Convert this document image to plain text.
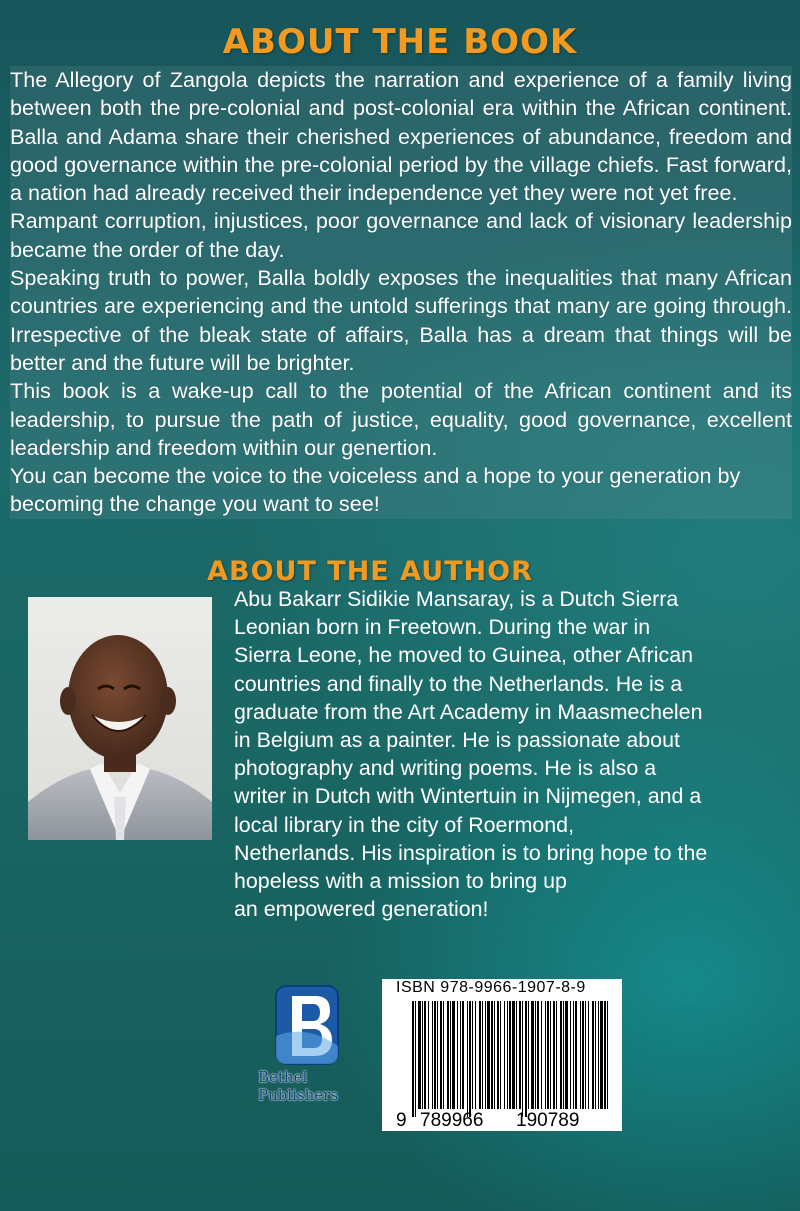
ABOUT THE BOOK

The Allegory of Zangola depicts the narration and experience of a family living between both the pre-colonial and post-colonial era within the African continent. Balla and Adama share their cherished experiences of abundance, freedom and good governance within the pre-colonial period by the village chiefs. Fast forward, a nation had already received their independence yet they were not yet free.

Rampant corruption, injustices, poor governance and lack of visionary leadership became the order of the day.

Speaking truth to power, Balla boldly exposes the inequalities that many African countries are experiencing and the untold sufferings that many are going through. Irrespective of the bleak state of affairs, Balla has a dream that things will be better and the future will be brighter.

This book is a wake-up call to the potential of the African continent and its leadership, to pursue the path of justice, equality, good governance, excellent leadership and freedom within our genertion.

You can become the voice to the voiceless and a hope to your generation by becoming the change you want to see!

ABOUT THE AUTHOR
Abu Bakarr Sidikie Mansaray, is a Dutch Sierra
Leonian born in Freetown. During the war in
Sierra Leone, he moved to Guinea, other African
countries and finally to the Netherlands. He is a
graduate from the Art Academy in Maasmechelen
in Belgium as a painter. He is passionate about
photography and writing poems. He is also a
writer in Dutch with Wintertuin in Nijmegen, and a
local library in the city of Roermond,
Netherlands. His inspiration is to bring hope to the
hopeless with a mission to bring up
an empowered generation!
Bethel
Publishers
ISBN 978-9966-1907-8-9
9 789966 190789
